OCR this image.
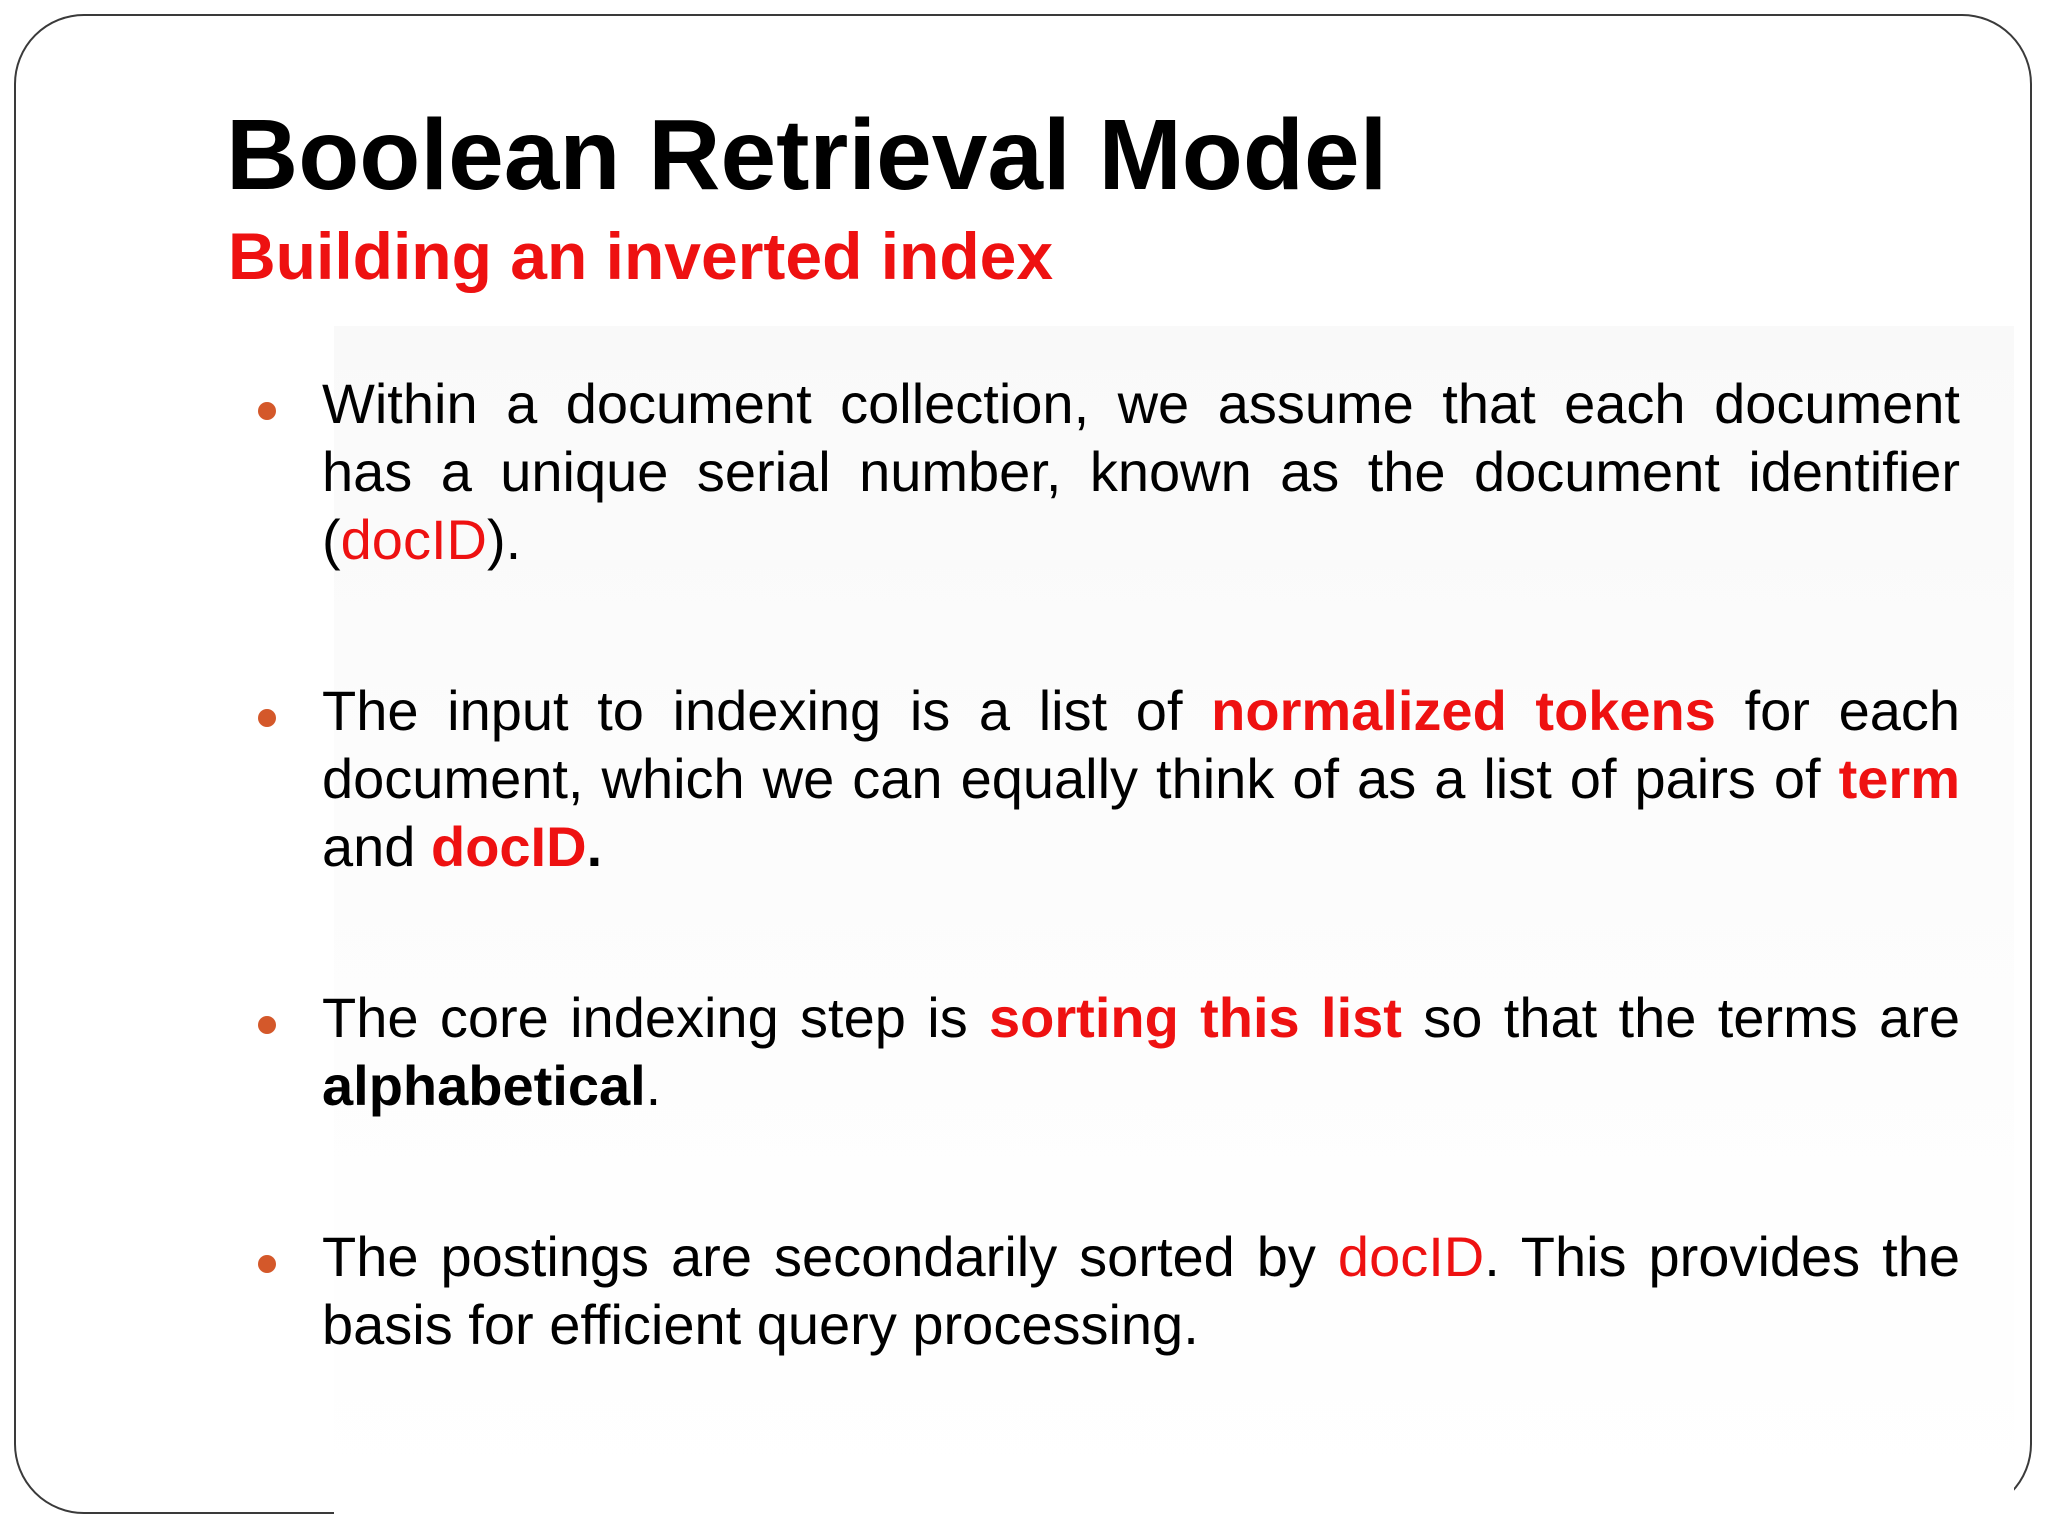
Boolean Retrieval Model
Building an inverted index
Within a document collection, we assume that each document has a unique serial number, known as the document identifier (docID).
The input to indexing is a list of normalized tokens for each document, which we can equally think of as a list of pairs of term and docID.
The core indexing step is sorting this list so that the terms are alphabetical.
The postings are secondarily sorted by docID. This provides the basis for efficient query processing.
